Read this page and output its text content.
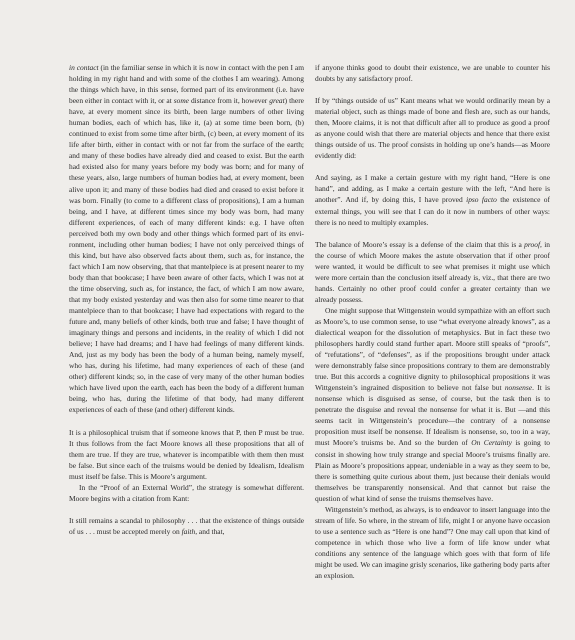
in contact (in the familiar sense in which it is now in contact with the pen I am holding in my right hand and with some of the clothes I am wearing). Among the things which have, in this sense, formed part of its environment (i.e. have been either in contact with it, or at some distance from it, however great) there have, at every moment since its birth, been large numbers of other living human bodies, each of which has, like it, (a) at some time been born, (b) continued to exist from some time after birth, (c) been, at every moment of its life after birth, either in contact with or not far from the surface of the earth; and many of these bodies have already died and ceased to exist. But the earth had existed also for many years before my body was born; and for many of these years, also, large numbers of human bodies had, at every moment, been alive upon it; and many of these bodies had died and ceased to exist before it was born. Finally (to come to a different class of propositions), I am a human being, and I have, at different times since my body was born, had many different experiences, of each of many different kinds: e.g. I have often perceived both my own body and other things which formed part of its environment, including other human bodies; I have not only perceived things of this kind, but have also observed facts about them, such as, for instance, the fact which I am now observing, that that mantelpiece is at present nearer to my body than that bookcase; I have been aware of other facts, which I was not at the time observing, such as, for instance, the fact, of which I am now aware, that my body existed yesterday and was then also for some time nearer to that mantelpiece than to that bookcase; I have had expectations with regard to the future and, many beliefs of other kinds, both true and false; I have thought of imaginary things and persons and incidents, in the reality of which I did not believe; I have had dreams; and I have had feelings of many different kinds. And, just as my body has been the body of a human being, namely myself, who has, during his lifetime, had many experiences of each of these (and other) different kinds; so, in the case of very many of the other human bodies which have lived upon the earth, each has been the body of a different human being, who has, during the lifetime of that body, had many different experiences of each of these (and other) different kinds.

It is a philosophical truism that if someone knows that P, then P must be true. It thus follows from the fact Moore knows all these propositions that all of them are true. If they are true, whatever is incompatible with them then must be false. But since each of the truisms would be denied by Idealism, Idealism must itself be false. This is Moore’s argument.

In the “Proof of an External World”, the strategy is somewhat different. Moore begins with a citation from Kant:

It still remains a scandal to philosophy . . . that the existence of things outside of us . . . must be accepted merely on faith, and that,

if anyone thinks good to doubt their existence, we are unable to counter his doubts by any satisfactory proof.

If by “things outside of us” Kant means what we would ordinarily mean by a material object, such as things made of bone and flesh are, such as our hands, then, Moore claims, it is not that difficult after all to produce as good a proof as anyone could wish that there are material objects and hence that there exist things outside of us. The proof consists in holding up one’s hands—as Moore evidently did:

And saying, as I make a certain gesture with my right hand, “Here is one hand”, and adding, as I make a certain gesture with the left, “And here is another”. And if, by doing this, I have proved ipso facto the existence of external things, you will see that I can do it now in numbers of other ways: there is no need to multiply examples.

The balance of Moore’s essay is a defense of the claim that this is a proof, in the course of which Moore makes the astute observation that if other proof were wanted, it would be difficult to see what premises it might use which were more certain than the conclusion itself already is, viz., that there are two hands. Certainly no other proof could confer a greater certainty than we already possess.

One might suppose that Wittgenstein would sympathize with an effort such as Moore’s, to use common sense, to use “what everyone already knows”, as a dialectical weapon for the dissolution of metaphysics. But in fact these two philosophers hardly could stand further apart. Moore still speaks of “proofs”, of “refutations”, of “defenses”, as if the propositions brought under attack were demonstrably false since propositions contrary to them are demonstrably true. But this accords a cognitive dignity to philosophical propositions it was Wittgenstein’s ingrained disposition to believe not false but nonsense. It is nonsense which is disguised as sense, of course, but the task then is to penetrate the disguise and reveal the nonsense for what it is. But —and this seems tacit in Wittgenstein’s procedure—the contrary of a nonsense proposition must itself be nonsense. If Idealism is nonsense, so, too in a way, must Moore’s truisms be. And so the burden of On Certainty is going to consist in showing how truly strange and special Moore’s truisms finally are. Plain as Moore’s propositions appear, undeniable in a way as they seem to be, there is something quite curious about them, just because their denials would themselves be transparently nonsensical. And that cannot but raise the question of what kind of sense the truisms themselves have.

Wittgenstein’s method, as always, is to endeavor to insert language into the stream of life. So where, in the stream of life, might I or anyone have occasion to use a sentence such as “Here is one hand”? One may call upon that kind of competence in which those who live a form of life know under what conditions any sentence of the language which goes with that form of life might be used. We can imagine grisly scenarios, like gathering body parts after an explosion.
